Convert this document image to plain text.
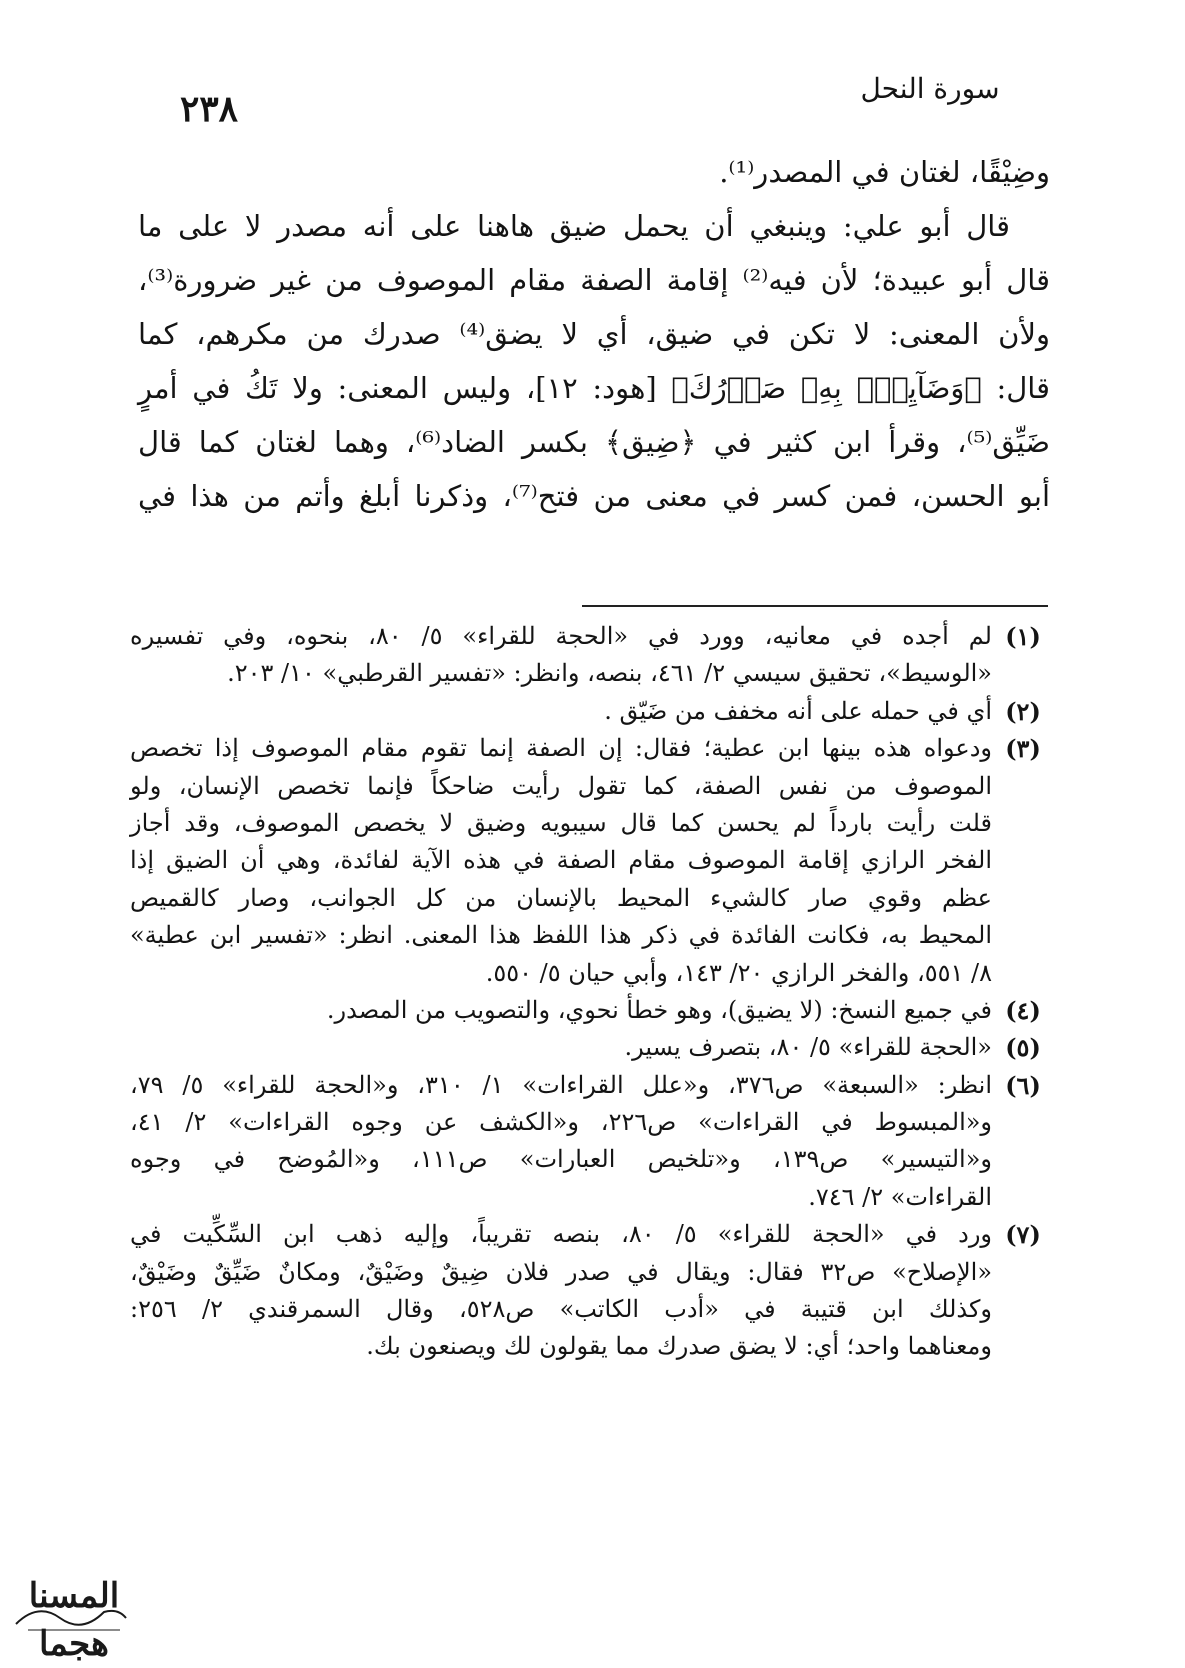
٢٣٨	سورة النحل
وضِيْقًا، لغتان في المصدر⁽¹⁾.
قال أبو علي: وينبغي أن يحمل ضيق هاهنا على أنه مصدر لا على ما
قال أبو عبيدة؛ لأن فيه⁽²⁾ إقامة الصفة مقام الموصوف من غير ضرورة⁽³⁾،
ولأن المعنى: لا تكن في ضيق، أي لا يضق⁽⁴⁾ صدرك من مكرهم، كما
قال: ﴿وَضَآيِقٌۢ بِهِۦ صَدۡرُكَ﴾ [هود: ١٢]، وليس المعنى: ولا تَكُ في أمرٍ
ضَيِّق⁽⁵⁾، وقرأ ابن كثير في ﴿ضِيق﴾ بكسر الضاد⁽⁶⁾، وهما لغتان كما قال
أبو الحسن، فمن كسر في معنى من فتح⁽⁷⁾، وذكرنا أبلغ وأتم من هذا في
(١)
لم أجده في معانيه، وورد في «الحجة للقراء» ٥/ ٨٠، بنحوه، وفي تفسيره
«الوسيط»، تحقيق سيسي ٢/ ٤٦١، بنصه، وانظر: «تفسير القرطبي» ١٠/ ٢٠٣.
(٢)
أي في حمله على أنه مخفف من ضَيّق .
(٣)
ودعواه هذه بينها ابن عطية؛ فقال: إن الصفة إنما تقوم مقام الموصوف إذا تخصص
الموصوف من نفس الصفة، كما تقول رأيت ضاحكاً فإنما تخصص الإنسان، ولو
قلت رأيت بارداً لم يحسن كما قال سيبويه وضيق لا يخصص الموصوف، وقد أجاز
الفخر الرازي إقامة الموصوف مقام الصفة في هذه الآية لفائدة، وهي أن الضيق إذا
عظم وقوي صار كالشيء المحيط بالإنسان من كل الجوانب، وصار كالقميص
المحيط به، فكانت الفائدة في ذكر هذا اللفظ هذا المعنى. انظر: «تفسير ابن عطية»
٨/ ٥٥١، والفخر الرازي ٢٠/ ١٤٣، وأبي حيان ٥/ ٥٥٠.
(٤)
في جميع النسخ: (لا يضيق)، وهو خطأ نحوي، والتصويب من المصدر.
(٥)
«الحجة للقراء» ٥/ ٨٠، بتصرف يسير.
(٦)
انظر: «السبعة» ص٣٧٦، و«علل القراءات» ١/ ٣١٠، و«الحجة للقراء» ٥/ ٧٩،
و«المبسوط في القراءات» ص٢٢٦، و«الكشف عن وجوه القراءات» ٢/ ٤١،
و«التيسير» ص١٣٩، و«تلخيص العبارات» ص١١١، و«المُوضح في وجوه
القراءات» ٢/ ٧٤٦.
(٧)
ورد في «الحجة للقراء» ٥/ ٨٠، بنصه تقريباً، وإليه ذهب ابن السِّكِّيت في
«الإصلاح» ص٣٢ فقال: ويقال في صدر فلان ضِيقٌ وضَيْقٌ، ومكانٌ ضَيِّقٌ وضَيْقٌ،
وكذلك ابن قتيبة في «أدب الكاتب» ص٥٢٨، وقال السمرقندي ٢/ ٢٥٦:
ومعناهما واحد؛ أي: لا يضق صدرك مما يقولون لك ويصنعون بك.
المسنا هجما
